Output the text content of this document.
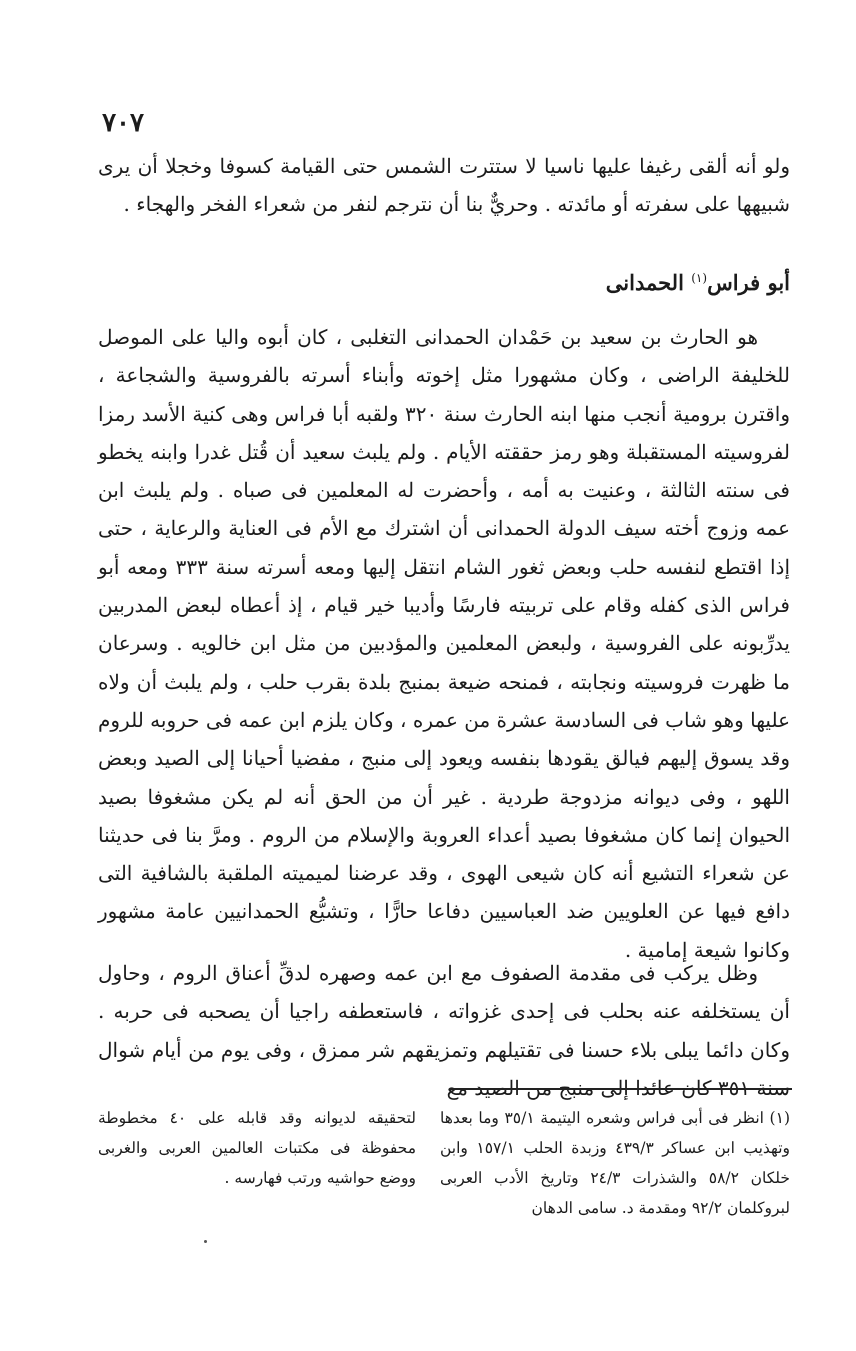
٧٠٧

ولو أنه ألقى رغيفا عليها ناسيا لا ستترت الشمس حتى القيامة كسوفا وخجلا أن يرى شبيهها على سفرته أو مائدته . وحريٌّ بنا أن نترجم لنفر من شعراء الفخر والهجاء .

أبو فراس$^{(١)}$ الحمدانى

هو الحارث بن سعيد بن حَمْدان الحمدانى التغلبى ، كان أبوه واليا على الموصل للخليفة الراضى ، وكان مشهورا مثل إخوته وأبناء أسرته بالفروسية والشجاعة ، واقترن برومية أنجب منها ابنه الحارث سنة ٣٢٠ ولقبه أبا فراس وهى كنية الأسد رمزا لفروسيته المستقبلة وهو رمز حققته الأيام . ولم يلبث سعيد أن قُتل غدرا وابنه يخطو فى سنته الثالثة ، وعنيت به أمه ، وأحضرت له المعلمين فى صباه . ولم يلبث ابن عمه وزوج أخته سيف الدولة الحمدانى أن اشترك مع الأم فى العناية والرعاية ، حتى إذا اقتطع لنفسه حلب وبعض ثغور الشام انتقل إليها ومعه أسرته سنة ٣٣٣ ومعه أبو فراس الذى كفله وقام على تربيته فارسًا وأديبا خير قيام ، إذ أعطاه لبعض المدربين يدرِّبونه على الفروسية ، ولبعض المعلمين والمؤدبين من مثل ابن خالويه . وسرعان ما ظهرت فروسيته ونجابته ، فمنحه ضيعة بمنبج بلدة بقرب حلب ، ولم يلبث أن ولاه عليها وهو شاب فى السادسة عشرة من عمره ، وكان يلزم ابن عمه فى حروبه للروم وقد يسوق إليهم فيالق يقودها بنفسه ويعود إلى منبج ، مفضيا أحيانا إلى الصيد وبعض اللهو ، وفى ديوانه مزدوجة طردية . غير أن من الحق أنه لم يكن مشغوفا بصيد الحيوان إنما كان مشغوفا بصيد أعداء العروبة والإسلام من الروم . ومرَّ بنا فى حديثنا عن شعراء التشيع أنه كان شيعى الهوى ، وقد عرضنا لميميته الملقبة بالشافية التى دافع فيها عن العلويين ضد العباسيين دفاعا حارًّا ، وتشيُّع الحمدانيين عامة مشهور وكانوا شيعة إمامية .

وظل يركب فى مقدمة الصفوف مع ابن عمه وصهره لدقِّ أعناق الروم ، وحاول أن يستخلفه عنه بحلب فى إحدى غزواته ، فاستعطفه راجيا أن يصحبه فى حربه . وكان دائما يبلى بلاء حسنا فى تقتيلهم وتمزيقهم شر ممزق ، وفى يوم من أيام شوال سنة ٣٥١ كان عائدا إلى منبج من الصيد مع

(١) انظر فى أبى فراس وشعره اليتيمة ٣٥/١ وما بعدها وتهذيب ابن عساكر ٤٣٩/٣ وزبدة الحلب ١٥٧/١ وابن خلكان ٥٨/٢ والشذرات ٢٤/٣ وتاريخ الأدب العربى لبروكلمان ٩٢/٢ ومقدمة د. سامى الدهان

لتحقيقه لديوانه وقد قابله على ٤٠ مخطوطة محفوظة فى مكتبات العالمين العربى والغربى ووضع حواشيه ورتب فهارسه .
